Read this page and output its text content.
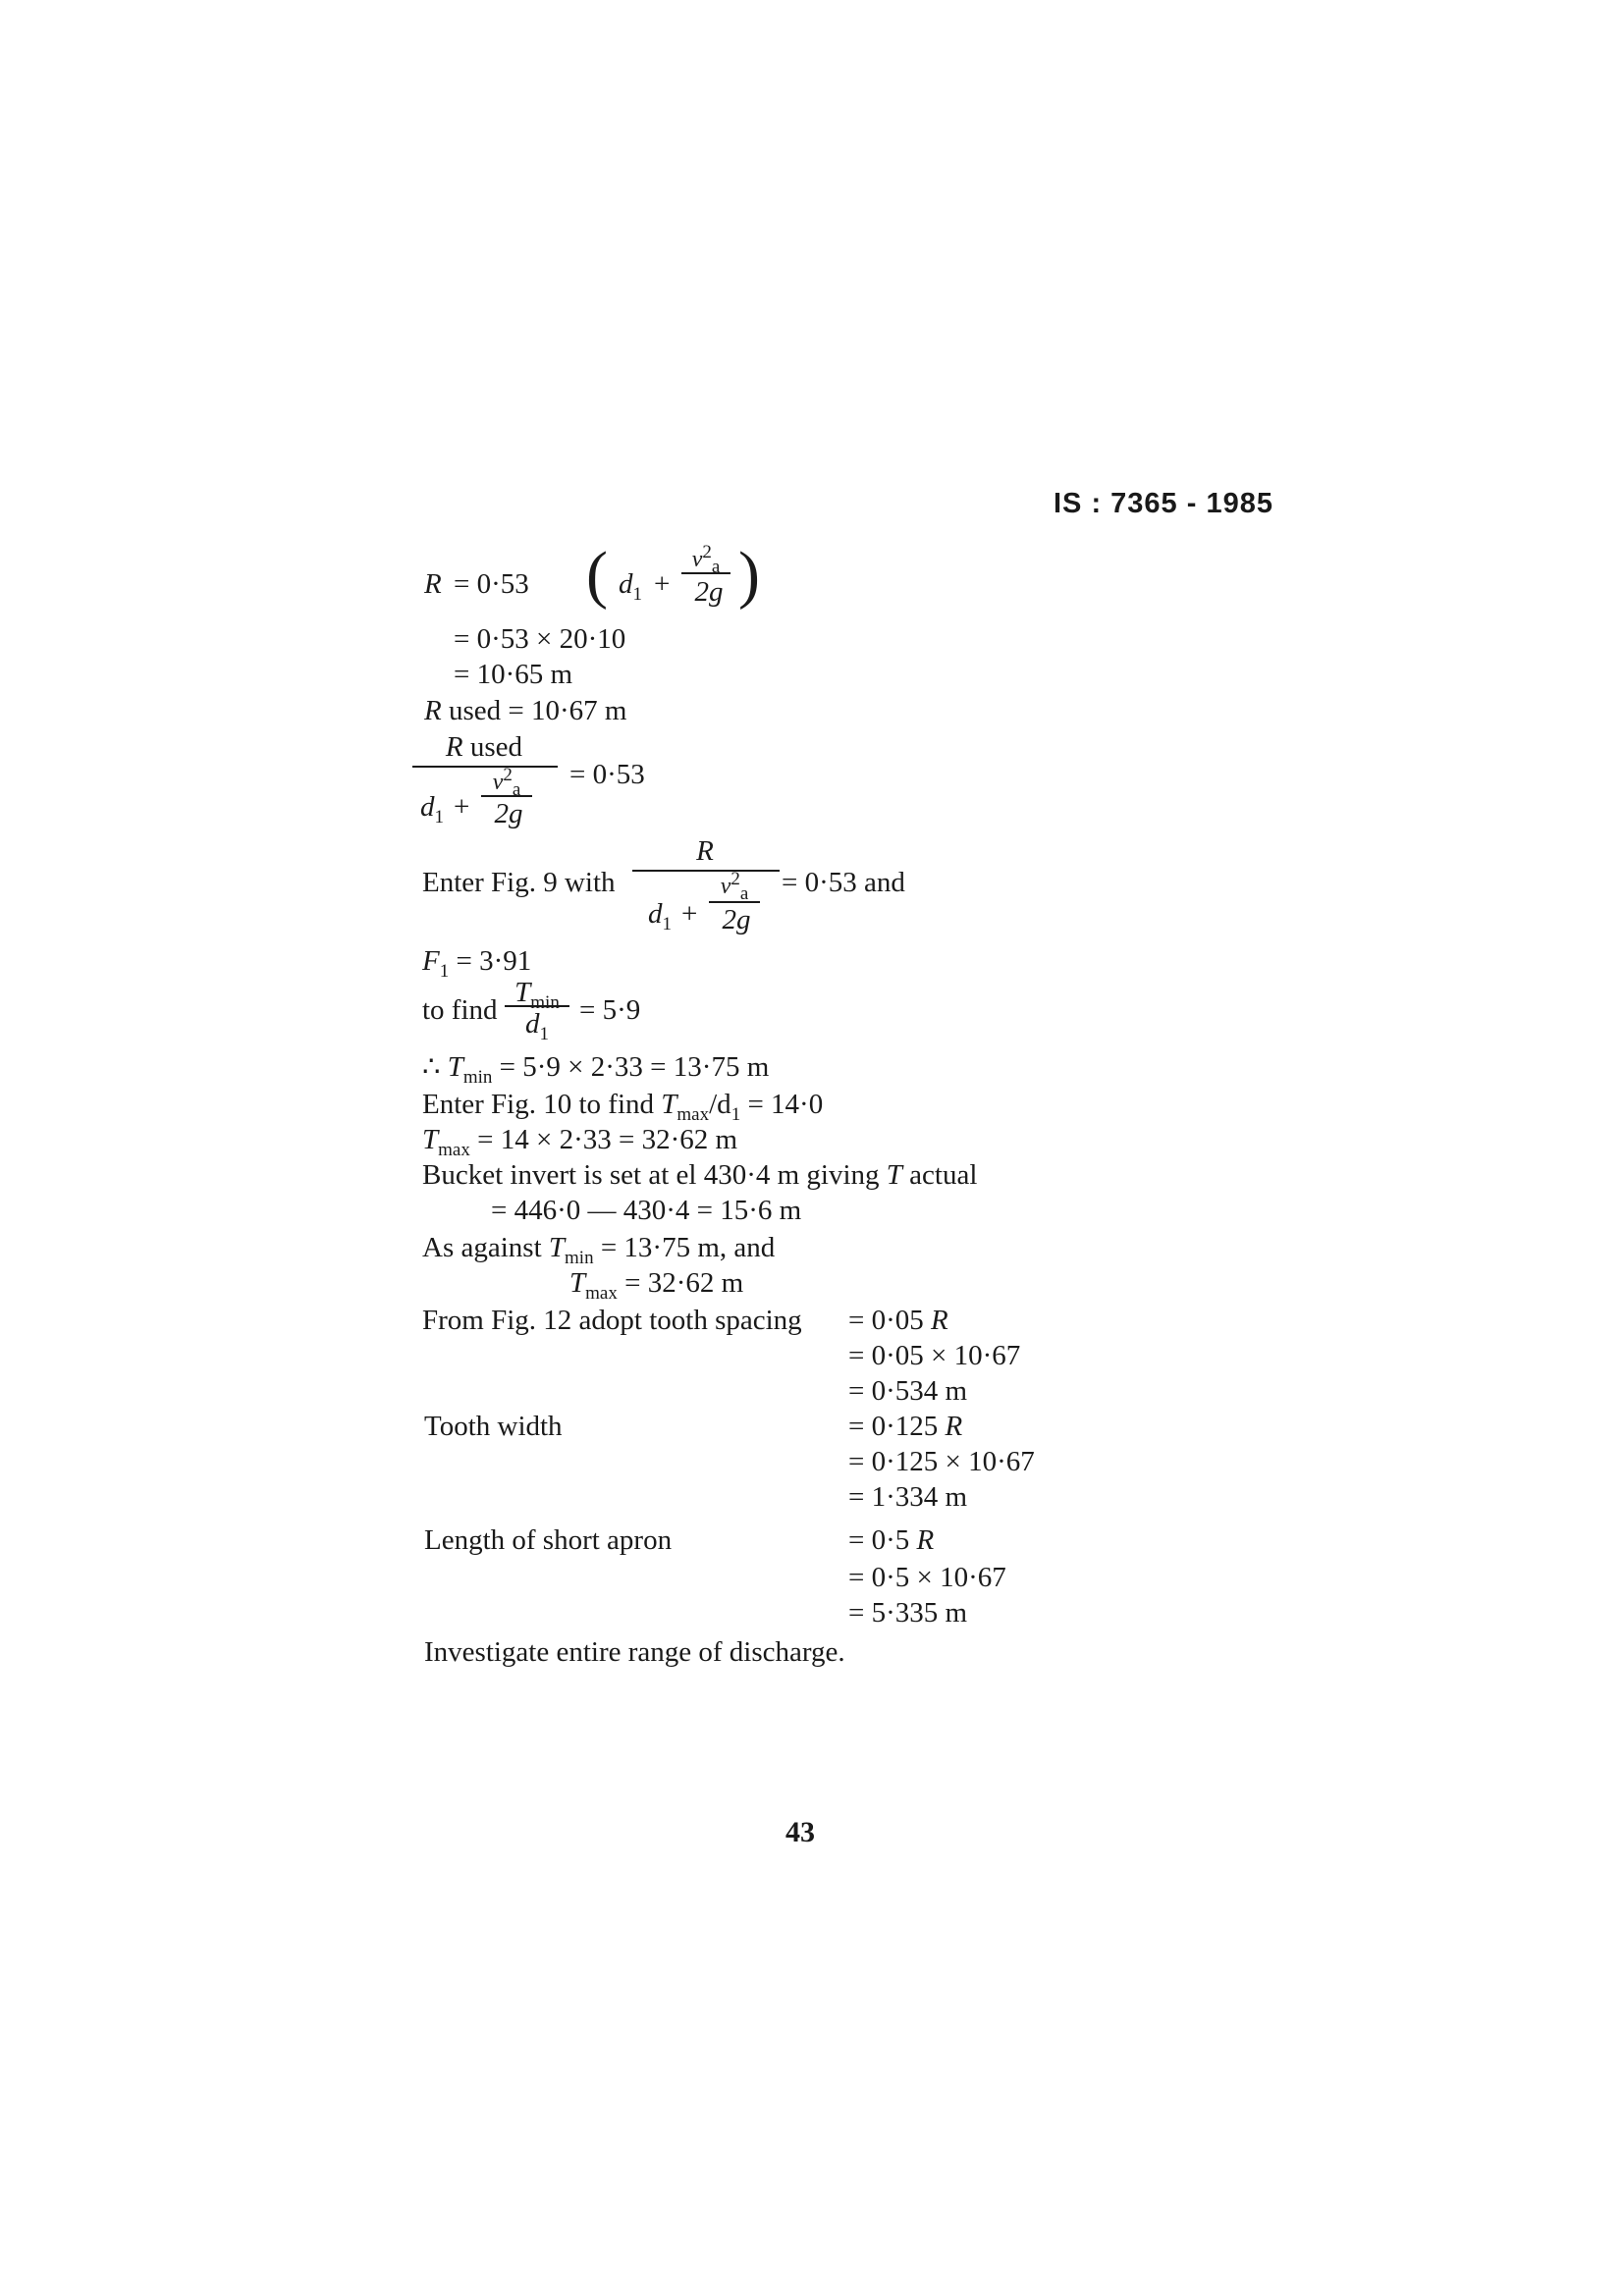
IS : 7365 - 1985
R = 0·53 ( $d_1$ +
$v^2_a$
2g )
= 0·53 × 20·10
= 10·65 m
R used = 10·67 m
R used
= 0·53
$d_1$ +
$v^2_a$
2g
R
Enter Fig. 9 with	= 0·53 and
$d_1$ +
$v^2_a$
2g
$F_1 = 3\cdot 91$
to find
$T_{min}$
$d_1$
= 5·9
∴ $T_{min} = 5\cdot 9 \times 2\cdot 33 = 13\cdot 75$ m
Enter Fig. 10 to find $T_{max}/d_1 = 14\cdot 0$
$T_{max} = 14 \times 2\cdot 33 = 32\cdot 62$ m
Bucket invert is set at el 430·4 m giving T actual
= 446·0 — 430·4 = 15·6 m
As against $T_{min} = 13\cdot 75$ m, and
$T_{max} = 32\cdot 62$ m
From Fig. 12 adopt tooth spacing = 0·05 R
= 0·05 × 10·67
= 0·534 m
Tooth width	= 0·125 R
= 0·125 × 10·67
= 1·334 m
Length of short apron	= 0·5 R
= 0·5 × 10·67
= 5·335 m
Investigate entire range of discharge.
43
